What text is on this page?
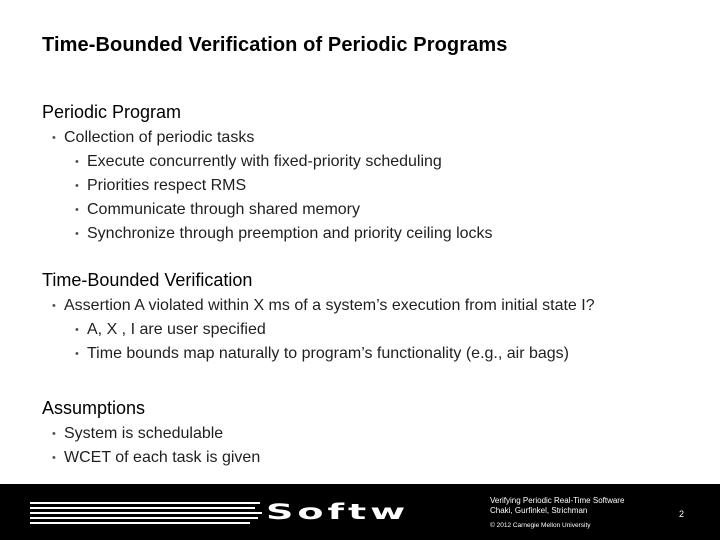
Time-Bounded Verification of Periodic Programs
Periodic Program
• Collection of periodic tasks
• Execute concurrently with fixed-priority scheduling
• Priorities respect RMS
• Communicate through shared memory
• Synchronize through preemption and priority ceiling locks
Time-Bounded Verification
• Assertion A violated within X ms of a system’s execution from initial state I?
• A, X , I are user specified
• Time bounds map naturally to program’s functionality (e.g., air bags)
Assumptions
• System is schedulable
• WCET of each task is given
Softw	Verifying Periodic Real-Time Software
Chaki, Gurfinkel, Strichman
© 2012 Carnegie Mellon University
2
